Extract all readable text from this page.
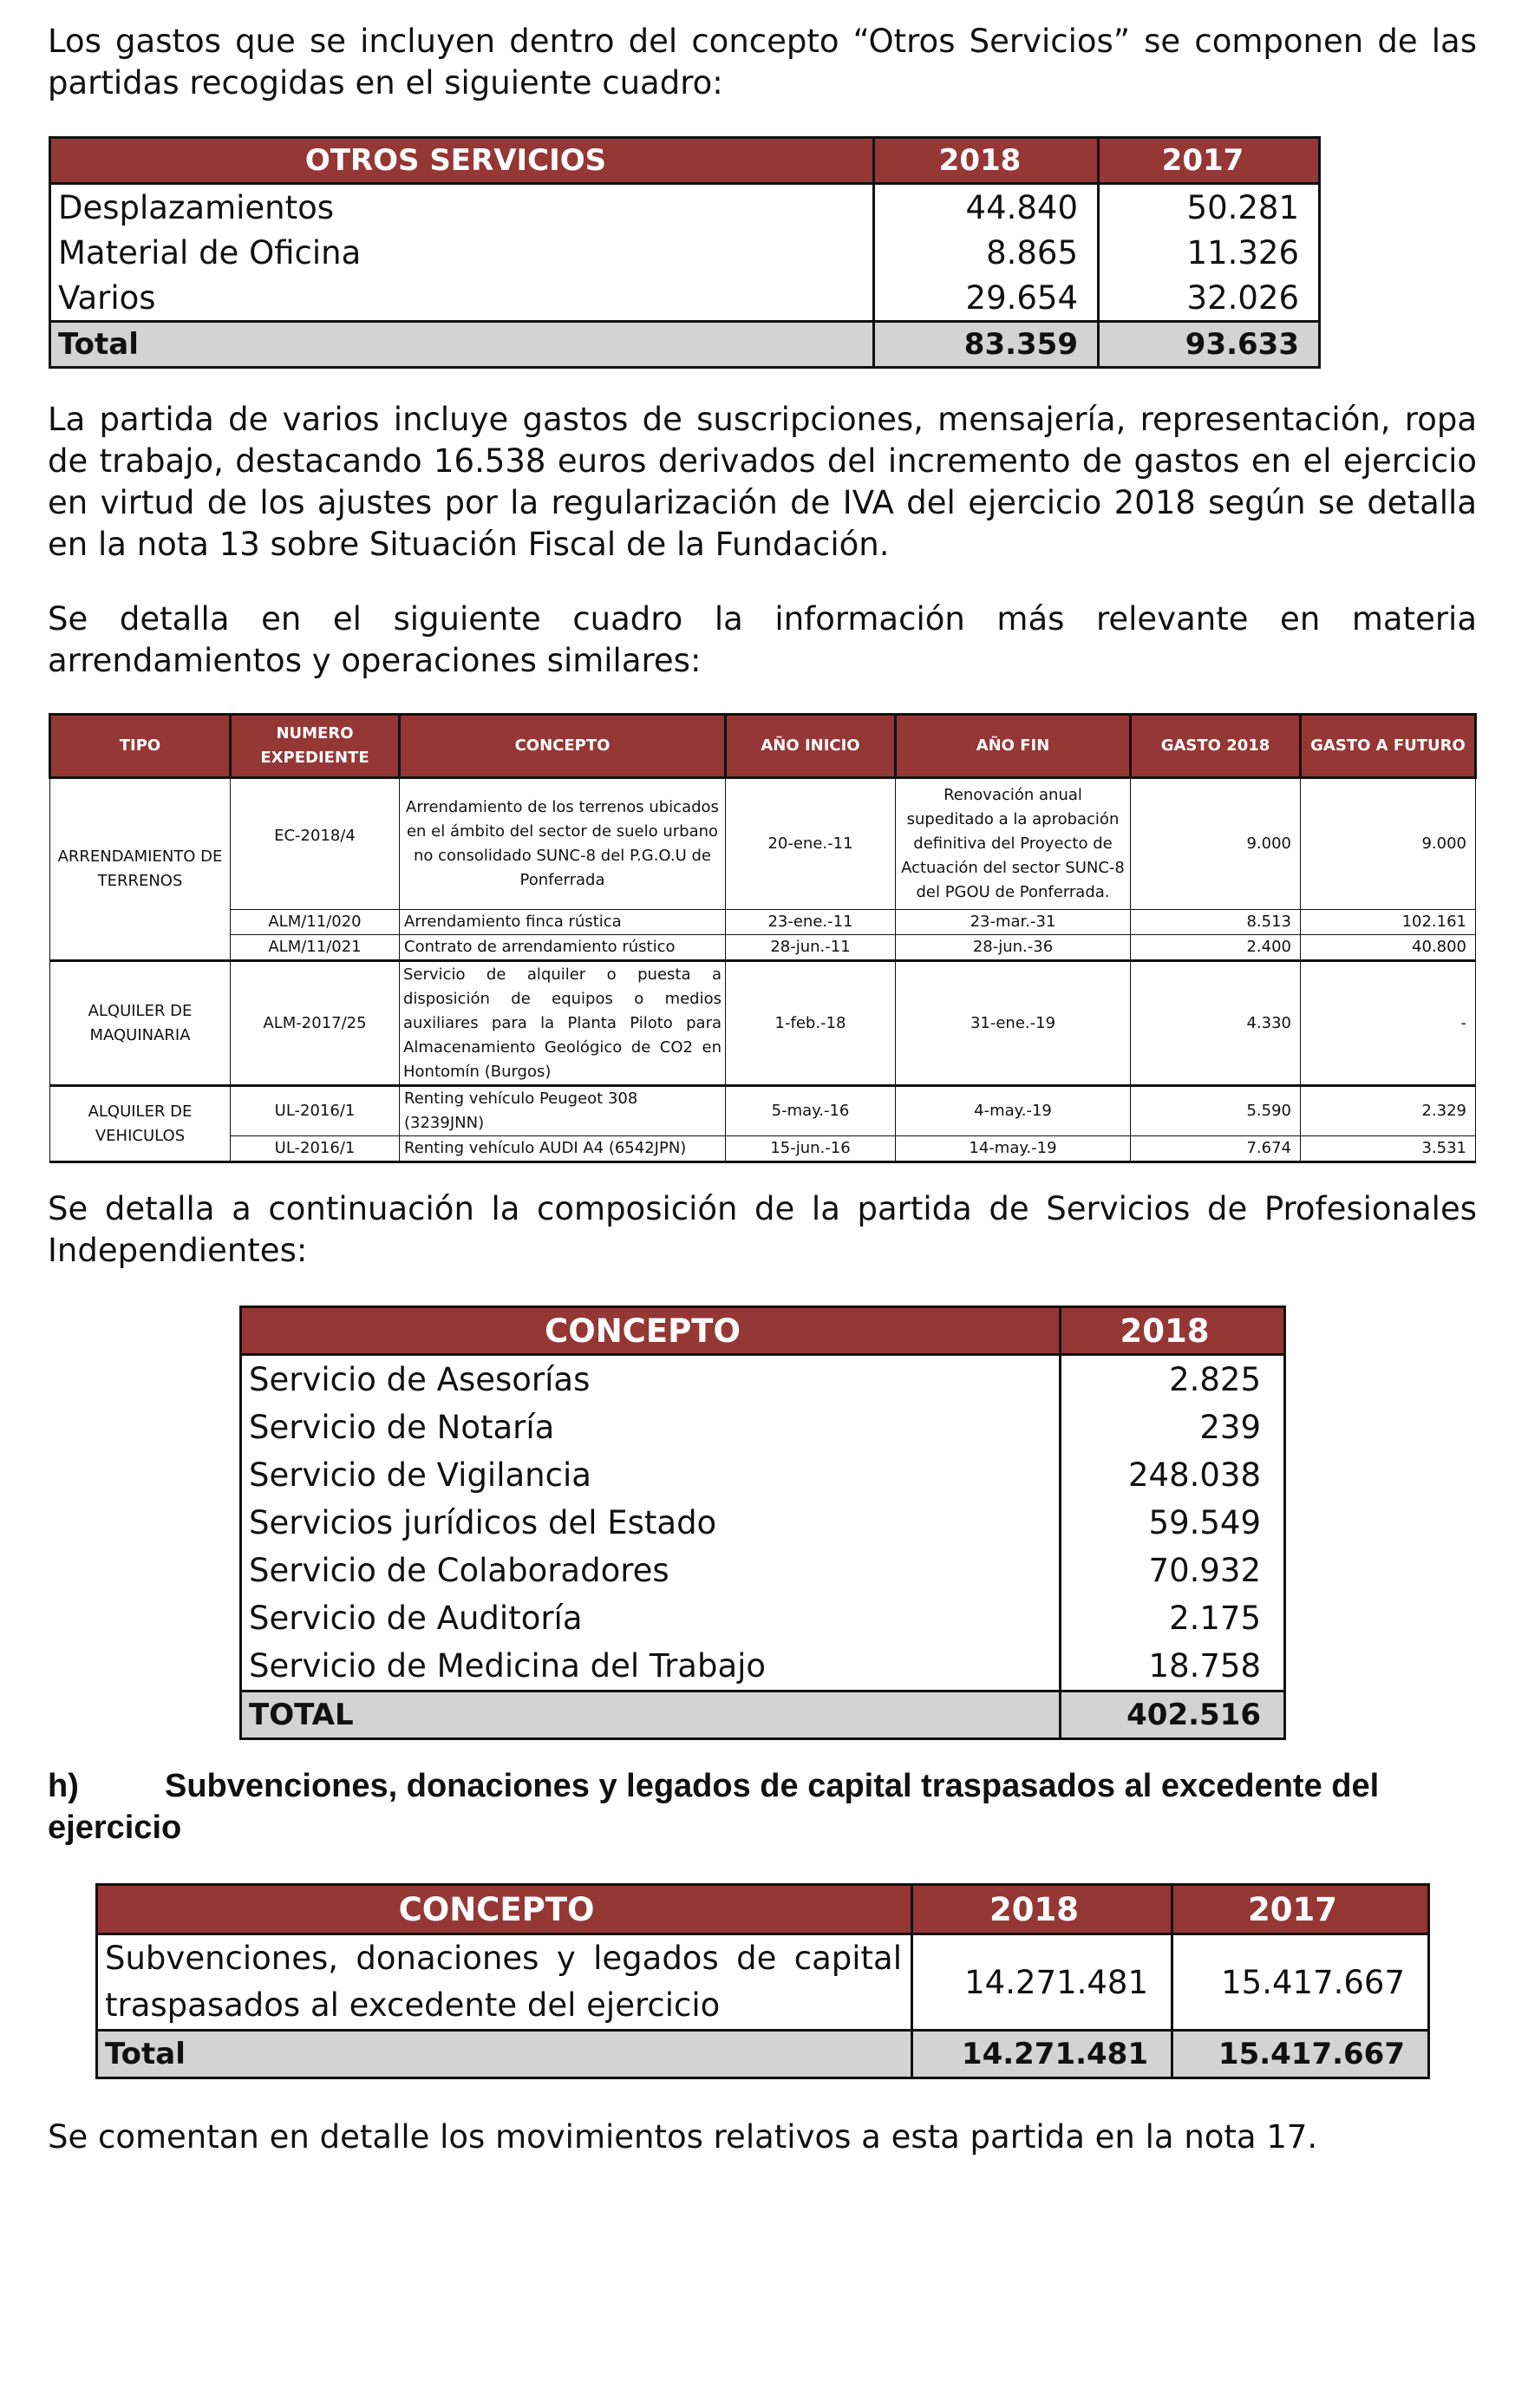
Los gastos que se incluyen dentro del concepto “Otros Servicios” se componen de las partidas recogidas en el siguiente cuadro:

OTROS SERVICIOS	2018	2017
Desplazamientos	44.840	50.281
Material de Oficina	8.865	11.326
Varios	29.654	32.026
Total	83.359	93.633

La partida de varios incluye gastos de suscripciones, mensajería, representación, ropa de trabajo, destacando 16.538 euros derivados del incremento de gastos en el ejercicio en virtud de los ajustes por la regularización de IVA del ejercicio 2018 según se detalla en la nota 13 sobre Situación Fiscal de la Fundación.

Se detalla en el siguiente cuadro la información más relevante en materia arrendamientos y operaciones similares:

TIPO	NUMERO EXPEDIENTE	CONCEPTO	AÑO INICIO	AÑO FIN	GASTO 2018	GASTO A FUTURO
ARRENDAMIENTO DE TERRENOS	EC-2018/4	Arrendamiento de los terrenos ubicados en el ámbito del sector de suelo urbano no consolidado SUNC-8 del P.G.O.U de Ponferrada	20-ene.-11	Renovación anual supeditado a la aprobación definitiva del Proyecto de Actuación del sector SUNC-8 del PGOU de Ponferrada.	9.000	9.000
	ALM/11/020	Arrendamiento finca rústica	23-ene.-11	23-mar.-31	8.513	102.161
	ALM/11/021	Contrato de arrendamiento rústico	28-jun.-11	28-jun.-36	2.400	40.800
ALQUILER DE MAQUINARIA	ALM-2017/25	Servicio de alquiler o puesta a disposición de equipos o medios auxiliares para la Planta Piloto para Almacenamiento Geológico de CO2 en Hontomín (Burgos)	1-feb.-18	31-ene.-19	4.330	-
ALQUILER DE VEHICULOS	UL-2016/1	Renting vehículo Peugeot 308 (3239JNN)	5-may.-16	4-may.-19	5.590	2.329
	UL-2016/1	Renting vehículo AUDI A4 (6542JPN)	15-jun.-16	14-may.-19	7.674	3.531

Se detalla a continuación la composición de la partida de Servicios de Profesionales Independientes:

CONCEPTO	2018
Servicio de Asesorías	2.825
Servicio de Notaría	239
Servicio de Vigilancia	248.038
Servicios jurídicos del Estado	59.549
Servicio de Colaboradores	70.932
Servicio de Auditoría	2.175
Servicio de Medicina del Trabajo	18.758
TOTAL	402.516

h)	Subvenciones, donaciones y legados de capital traspasados al excedente del ejercicio

CONCEPTO	2018	2017
Subvenciones, donaciones y legados de capital traspasados al excedente del ejercicio	14.271.481	15.417.667
Total	14.271.481	15.417.667

Se comentan en detalle los movimientos relativos a esta partida en la nota 17.
